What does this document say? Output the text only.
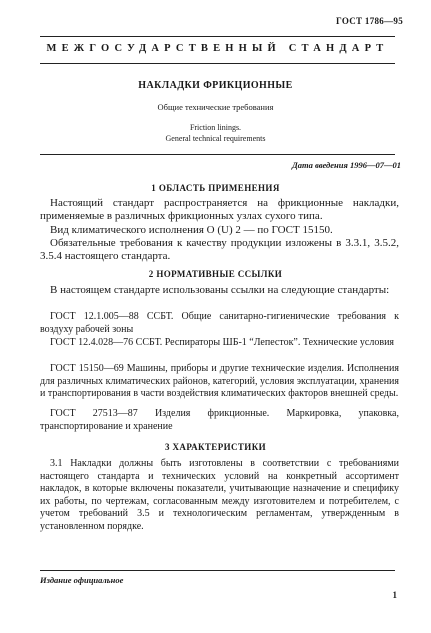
ГОСТ 1786—95
МЕЖГОСУДАРСТВЕННЫЙ СТАНДАРТ
НАКЛАДКИ ФРИКЦИОННЫЕ
Общие технические требования
Friction linings.
General technical requirements
Дата введения 1996—07—01
1 ОБЛАСТЬ ПРИМЕНЕНИЯ
Настоящий стандарт распространяется на фрикционные накладки, применяемые в различных фрикционных узлах сухого типа.
Вид климатического исполнения О (U) 2 — по ГОСТ 15150.
Обязательные требования к качеству продукции изложены в 3.3.1, 3.5.2, 3.5.4 настоящего стандарта.
2 НОРМАТИВНЫЕ ССЫЛКИ
В настоящем стандарте использованы ссылки на следующие стандарты:
ГОСТ 12.1.005—88 ССБТ. Общие санитарно-гигиенические требования к воздуху рабочей зоны
ГОСТ 12.4.028—76 ССБТ. Респираторы ШБ-1 “Лепесток”. Технические условия
ГОСТ 15150—69 Машины, приборы и другие технические изделия. Исполнения для различных климатических районов, категорий, условия эксплуатации, хранения и транспортирования в части воздействия климатических факторов внешней среды.
ГОСТ 27513—87 Изделия фрикционные. Маркировка, упаковка, транспортирование и хранение
3 ХАРАКТЕРИСТИКИ
3.1 Накладки должны быть изготовлены в соответствии с требованиями настоящего стандарта и технических условий на конкретный ассортимент накладок, в которые включены показатели, учитывающие назначение и специфику их работы, по чертежам, согласованным между изготовителем и потребителем, с учетом требований 3.5 и технологическим регламентам, утвержденным в установленном порядке.
Издание официальное
1
